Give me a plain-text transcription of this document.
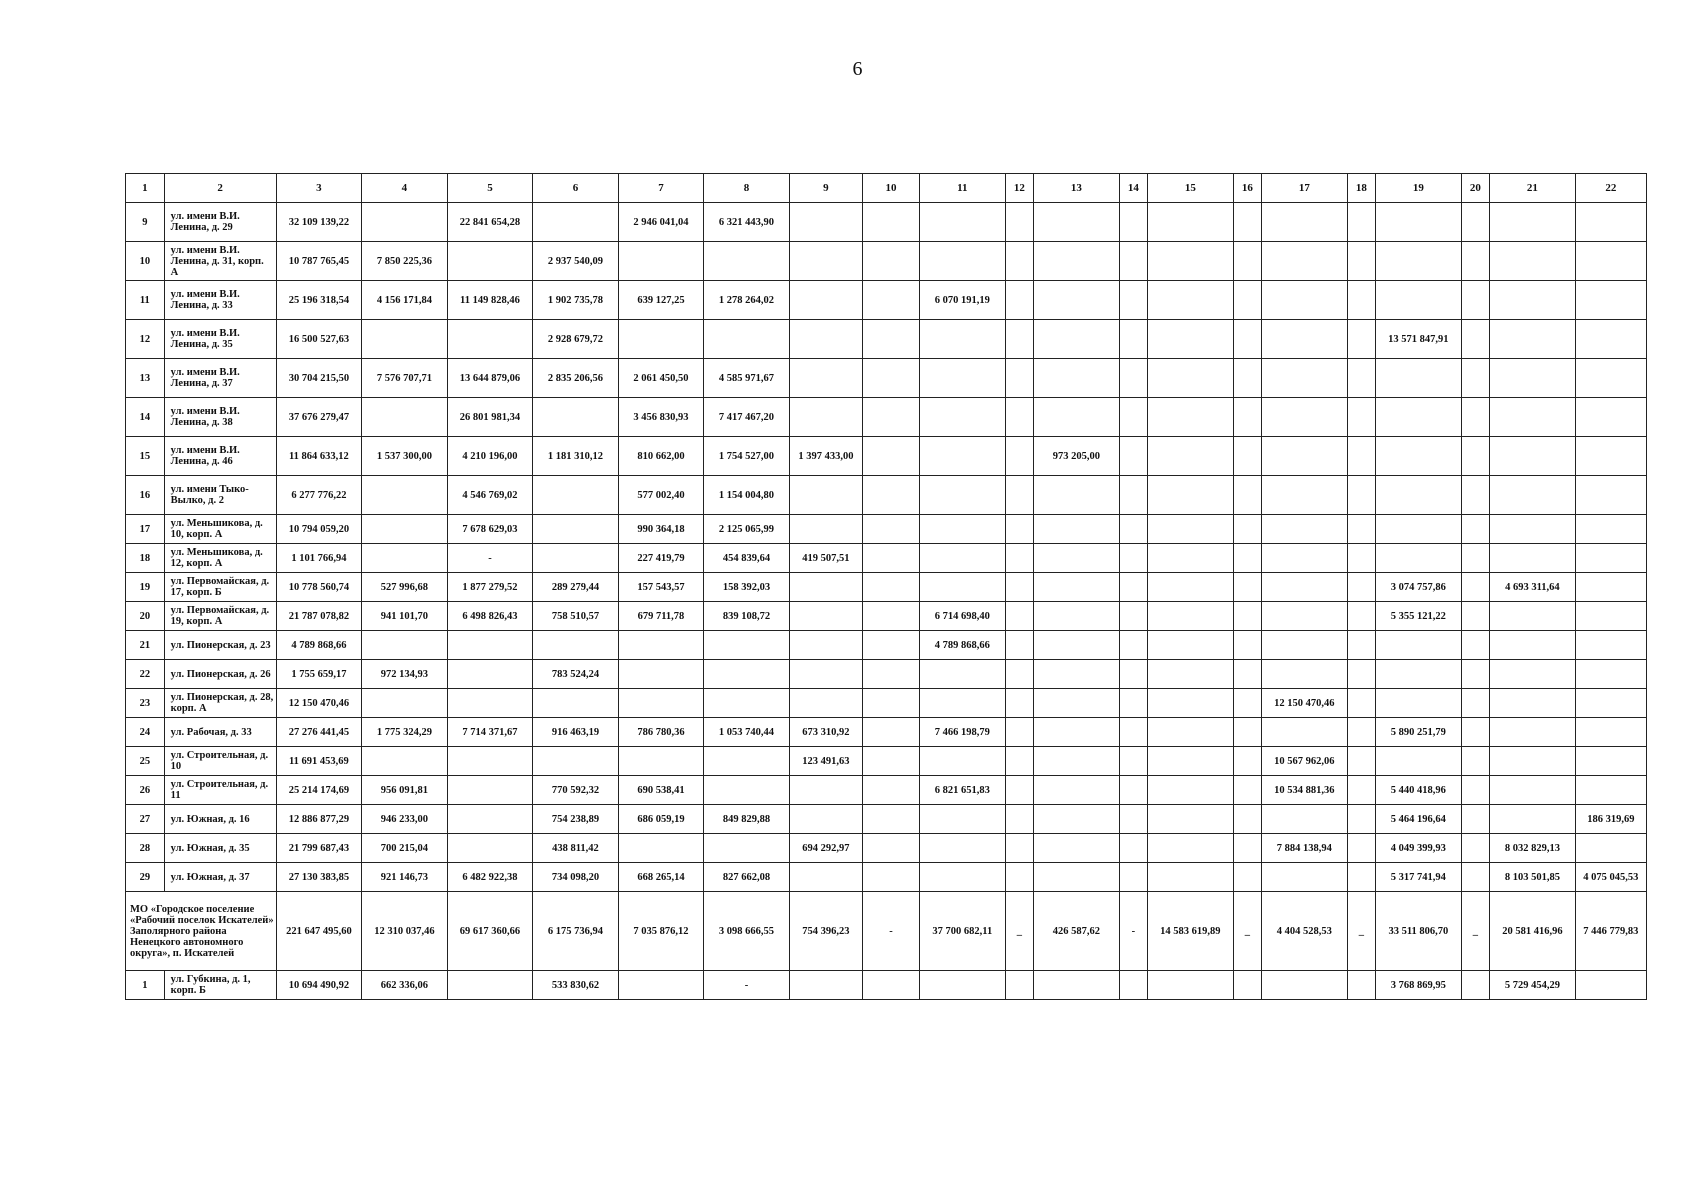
6
1	2	3	4	5	6	7	8	9	10	11	12	13	14	15	16	17	18	19	20	21	22
9	ул. имени В.И. Ленина, д. 29	32 109 139,22		22 841 654,28		2 946 041,04	6 321 443,90														
10	ул. имени В.И. Ленина, д. 31, корп. А	10 787 765,45	7 850 225,36		2 937 540,09																
11	ул. имени В.И. Ленина, д. 33	25 196 318,54	4 156 171,84	11 149 828,46	1 902 735,78	639 127,25	1 278 264,02			6 070 191,19											
12	ул. имени В.И. Ленина, д. 35	16 500 527,63			2 928 679,72													13 571 847,91			
13	ул. имени В.И. Ленина, д. 37	30 704 215,50	7 576 707,71	13 644 879,06	2 835 206,56	2 061 450,50	4 585 971,67														
14	ул. имени В.И. Ленина, д. 38	37 676 279,47		26 801 981,34		3 456 830,93	7 417 467,20														
15	ул. имени В.И. Ленина, д. 46	11 864 633,12	1 537 300,00	4 210 196,00	1 181 310,12	810 662,00	1 754 527,00	1 397 433,00				973 205,00									
16	ул. имени Тыко-Вылко, д. 2	6 277 776,22		4 546 769,02		577 002,40	1 154 004,80														
17	ул. Меньшикова, д. 10, корп. А	10 794 059,20		7 678 629,03		990 364,18	2 125 065,99														
18	ул. Меньшикова, д. 12, корп. А	1 101 766,94		-		227 419,79	454 839,64	419 507,51													
19	ул. Первомайская, д. 17, корп. Б	10 778 560,74	527 996,68	1 877 279,52	289 279,44	157 543,57	158 392,03											3 074 757,86		4 693 311,64	
20	ул. Первомайская, д. 19, корп. А	21 787 078,82	941 101,70	6 498 826,43	758 510,57	679 711,78	839 108,72			6 714 698,40								5 355 121,22			
21	ул. Пионерская, д. 23	4 789 868,66								4 789 868,66											
22	ул. Пионерская, д. 26	1 755 659,17	972 134,93		783 524,24																
23	ул. Пионерская, д. 28, корп. А	12 150 470,46														12 150 470,46					
24	ул. Рабочая, д. 33	27 276 441,45	1 775 324,29	7 714 371,67	916 463,19	786 780,36	1 053 740,44	673 310,92		7 466 198,79								5 890 251,79			
25	ул. Строительная, д. 10	11 691 453,69						123 491,63								10 567 962,06					
26	ул. Строительная, д. 11	25 214 174,69	956 091,81		770 592,32	690 538,41				6 821 651,83						10 534 881,36		5 440 418,96			
27	ул. Южная, д. 16	12 886 877,29	946 233,00		754 238,89	686 059,19	849 829,88											5 464 196,64			186 319,69
28	ул. Южная, д. 35	21 799 687,43	700 215,04		438 811,42			694 292,97								7 884 138,94		4 049 399,93		8 032 829,13	
29	ул. Южная, д. 37	27 130 383,85	921 146,73	6 482 922,38	734 098,20	668 265,14	827 662,08											5 317 741,94		8 103 501,85	4 075 045,53
МО «Городское поселение «Рабочий поселок Искателей» Заполярного района Ненецкого автономного округа», п. Искателей		221 647 495,60	12 310 037,46	69 617 360,66	6 175 736,94	7 035 876,12	3 098 666,55	754 396,23	-	37 700 682,11	_	426 587,62	-	14 583 619,89	_	4 404 528,53	_	33 511 806,70	_	20 581 416,96	7 446 779,83
1	ул. Губкина, д. 1, корп. Б	10 694 490,92	662 336,06		533 830,62		-											3 768 869,95		5 729 454,29	
